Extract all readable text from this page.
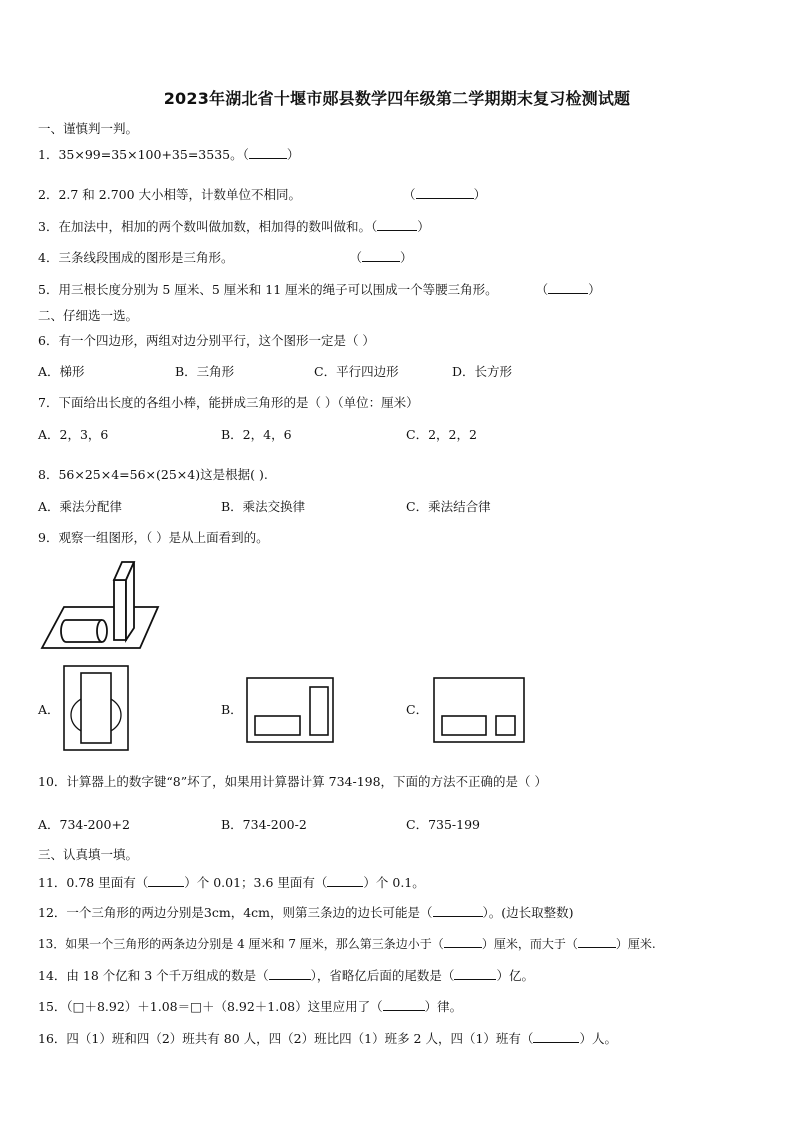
2023年湖北省十堰市郧县数学四年级第二学期期末复习检测试题
一、谨慎判一判。
1．35×99=35×100+35=3535。（	）
2．2.7 和 2.700 大小相等，计数单位不相同。	（	）
3．在加法中，相加的两个数叫做加数，相加得的数叫做和。（	）
4．三条线段围成的图形是三角形。	（	）
5．用三根长度分别为 5 厘米、5 厘米和 11 厘米的绳子可以围成一个等腰三角形。	（	）
二、仔细选一选。
6．有一个四边形，两组对边分别平行，这个图形一定是（ ）
A．梯形	B．三角形	C．平行四边形	D．长方形
7．下面给出长度的各组小棒，能拼成三角形的是（ ）（单位：厘米）
A．2，3，6	B．2，4，6	C．2，2，2
8．56×25×4=56×(25×4)这是根据( ).
A．乘法分配律	B．乘法交换律	C．乘法结合律
9．观察一组图形，（ ）是从上面看到的。
A．	B．	C．
10．计算器上的数字键“8”坏了，如果用计算器计算 734-198，下面的方法不正确的是（ ）
A．734-200+2	B．734-200-2	C．735-199
三、认真填一填。
11．0.78 里面有（	）个 0.01；3.6 里面有（	）个 0.1。
12．一个三角形的两边分别是3cm，4cm，则第三条边的边长可能是（	）。(边长取整数)
13．如果一个三角形的两条边分别是 4 厘米和 7 厘米，那么第三条边小于（	）厘米，而大于（	）厘米.
14．由 18 个亿和 3 个千万组成的数是（	），省略亿后面的尾数是（	）亿。
15．（□＋8.92）＋1.08＝□＋（8.92＋1.08）这里应用了（	）律。
16．四（1）班和四（2）班共有 80 人，四（2）班比四（1）班多 2 人，四（1）班有（	）人。
